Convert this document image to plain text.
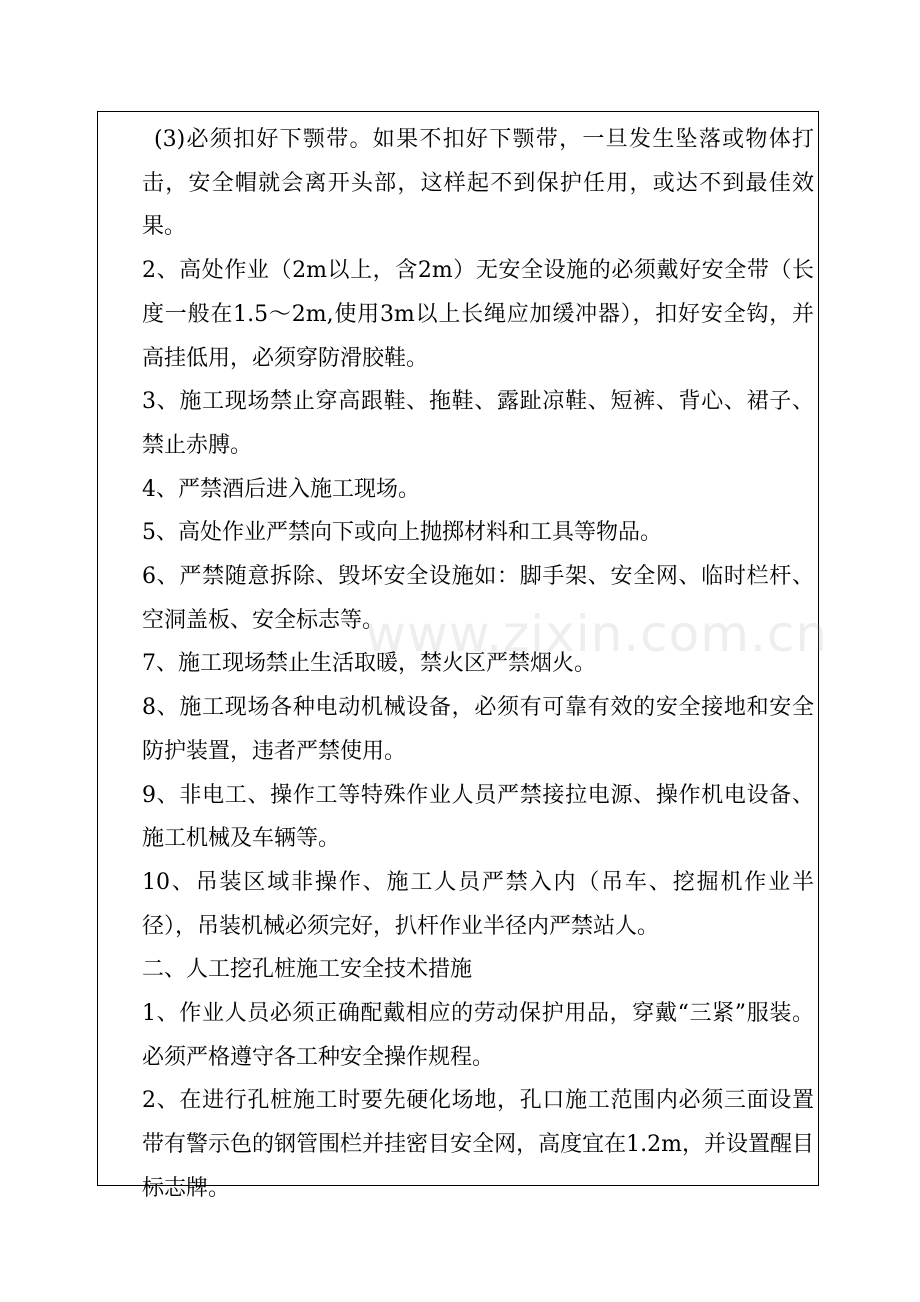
(3)必须扣好下颚带。如果不扣好下颚带，一旦发生坠落或物体打击，安全帽就会离开头部，这样起不到保护任用，或达不到最佳效果。

2、高处作业（2m以上，含2m）无安全设施的必须戴好安全带（长度一般在1.5～2m,使用3m以上长绳应加缓冲器），扣好安全钩，并高挂低用，必须穿防滑胶鞋。

3、施工现场禁止穿高跟鞋、拖鞋、露趾凉鞋、短裤、背心、裙子、禁止赤膊。

4、严禁酒后进入施工现场。

5、高处作业严禁向下或向上抛掷材料和工具等物品。

6、严禁随意拆除、毁坏安全设施如：脚手架、安全网、临时栏杆、空洞盖板、安全标志等。

7、施工现场禁止生活取暖，禁火区严禁烟火。

8、施工现场各种电动机械设备，必须有可靠有效的安全接地和安全防护装置，违者严禁使用。

9、非电工、操作工等特殊作业人员严禁接拉电源、操作机电设备、施工机械及车辆等。

10、吊装区域非操作、施工人员严禁入内（吊车、挖掘机作业半径），吊装机械必须完好，扒杆作业半径内严禁站人。

二、人工挖孔桩施工安全技术措施

1、作业人员必须正确配戴相应的劳动保护用品，穿戴“三紧”服装。必须严格遵守各工种安全操作规程。

2、在进行孔桩施工时要先硬化场地，孔口施工范围内必须三面设置带有警示色的钢管围栏并挂密目安全网，高度宜在1.2m，并设置醒目标志牌。

www.zixin.com.cn
